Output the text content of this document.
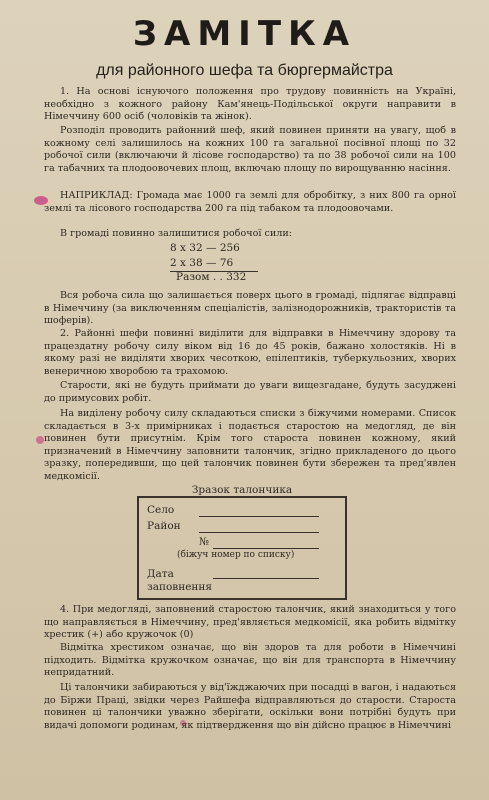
ЗАМІТКА
для районного шефа та бюргермайстра
1. На основі існуючого положення про трудову повинність на Україні, необхідно з кожного району Кам'янець-Подільської округи направити в Німеччину 600 осіб (чоловіків та жінок).
Розподіл проводить районний шеф, який повинен приняти на увагу, щоб в кожному селі залишилось на кожних 100 га загальної посівної площі по 32 робочої сили (включаючи й лісове господарство) та по 38 робочої сили на 100 га табачних та плодоовочевих площ, включаю площу по вирощуванню насіння.
НАПРИКЛАД: Громада має 1000 га землі для обробітку, з них 800 га орної землі та лісового господарства 200 га під табаком та плодоовочами.
В громаді повинно залишитися робочої сили:
8 х 32 — 256
2 х 38 — 76
Разом . . 332
Вся робоча сила що залишається поверх цього в громаді, підлягає відправці в Німеччину (за виключенням спеціалістів, залізнодорожників, трактористів та шоферів).
2. Районні шефи повинні виділити для відправки в Німеччину здорову та працездатну робочу силу віком від 16 до 45 років, бажано холостяків. Ні в якому разі не виділяти хворих чесоткою, епілептиків, туберкульозних, хворих венеричною хворобою та трахомою.
Старости, які не будуть приймати до уваги вищезгадане, будуть засуджені до примусових робіт.
На виділену робочу силу складаються списки з біжучими номерами. Список складається в 3-х примірниках і подається старостою на медогляд, де він повинен бути присутнім. Крім того староста повинен кожному, який призначений в Німеччину заповнити талончик, згідно прикладеного до цього зразку, попередивши, що цей талончик повинен бути збережен та пред'явлен медкомісії.
Зразок талончика
Село
Район
№
(біжуч номер по списку)
Дата
заповнення
4. При медогляді, заповнений старостою талончик, який знаходиться у того що направляється в Німеччину, пред'являється медкомісії, яка робить відмітку хрестик (+) або кружочок (0)
Відмітка хрестиком означає, що він здоров та для роботи в Німеччині підходить. Відмітка кружочком означає, що він для транспорта в Німеччину непридатний.
Ці талончики забираються у від'їжджаючих при посадці в вагон, і надаються до Біржи Праці, звідки через Райшефа відправляються до старости. Староста повинен ці талончики уважно зберігати, оскільки вони потрібні будуть при видачі допомоги родинам, як підтвердження що він дійсно працює в Німеччині
